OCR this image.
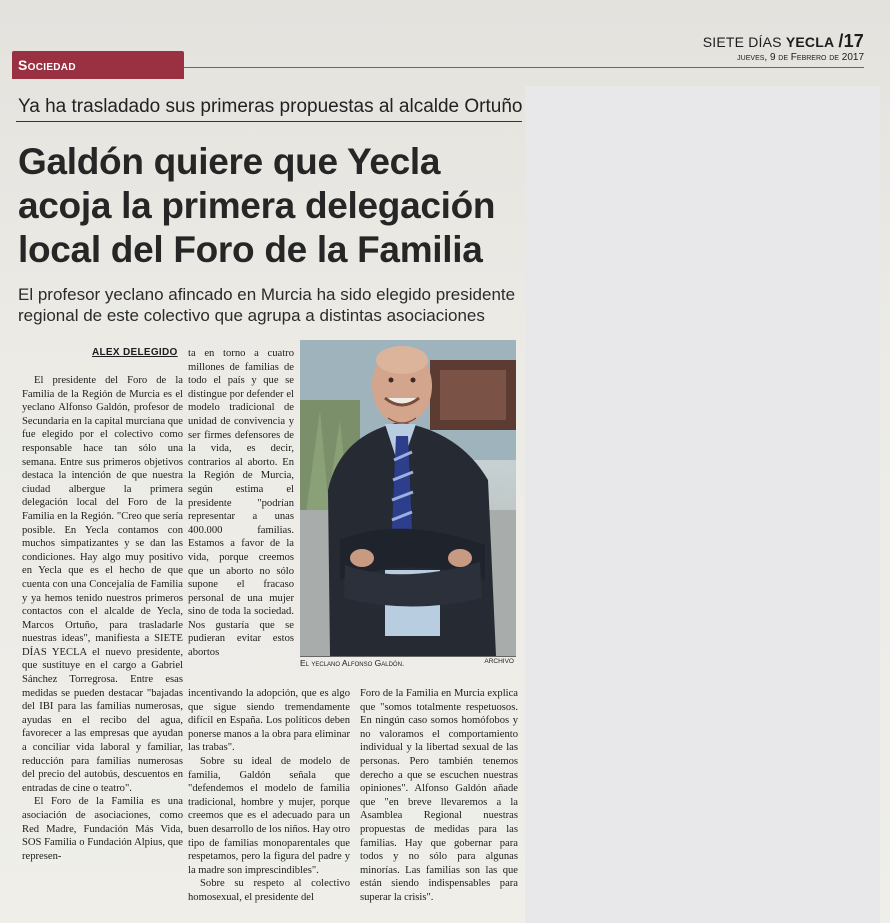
Sociedad
SIETE DÍAS YECLA /17
jueves, 9 de Febrero de 2017
Ya ha trasladado sus primeras propuestas al alcalde Ortuño
Galdón quiere que Yecla acoja la primera delegación local del Foro de la Familia

El profesor yeclano afincado en Murcia ha sido elegido presidente regional de este colectivo que agrupa a distintas asociaciones

ALEX DELEGIDO

El presidente del Foro de la Familia de la Región de Murcia es el yeclano Alfonso Galdón, profesor de Secundaria en la capital murciana que fue elegido por el colectivo como responsable hace tan sólo una semana. Entre sus primeros objetivos destaca la intención de que nuestra ciudad albergue la primera delegación local del Foro de la Familia en la Región. "Creo que sería posible. En Yecla contamos con muchos simpatizantes y se dan las condiciones. Hay algo muy positivo en Yecla que es el hecho de que cuenta con una Concejalía de Familia y ya hemos tenido nuestros primeros contactos con el alcalde de Yecla, Marcos Ortuño, para trasladarle nuestras ideas", manifiesta a SIETE DÍAS YECLA el nuevo presidente, que sustituye en el cargo a Gabriel Sánchez Torregrosa. Entre esas medidas se pueden destacar "bajadas del IBI para las familias numerosas, ayudas en el recibo del agua, favorecer a las empresas que ayudan a conciliar vida laboral y familiar, reducción para familias numerosas del precio del autobús, descuentos en entradas de cine o teatro".

El Foro de la Familia es una asociación de asociaciones, como Red Madre, Fundación Más Vida, SOS Familia o Fundación Alpius, que represen-

ta en torno a cuatro millones de familias de todo el país y que se distingue por defender el modelo tradicional de unidad de convivencia y ser firmes defensores de la vida, es decir, contrarios al aborto. En la Región de Murcia, según estima el presidente "podrían representar a unas 400.000 familias. Estamos a favor de la vida, porque creemos que un aborto no sólo supone el fracaso personal de una mujer sino de toda la sociedad. Nos gustaría que se pudieran evitar estos abortos

incentivando la adopción, que es algo que sigue siendo tremendamente difícil en España. Los políticos deben ponerse manos a la obra para eliminar las trabas".

Sobre su ideal de modelo de familia, Galdón señala que "defendemos el modelo de familia tradicional, hombre y mujer, porque creemos que es el adecuado para un buen desarrollo de los niños. Hay otro tipo de familias monoparentales que respetamos, pero la figura del padre y la madre son imprescindibles".

Sobre su respeto al colectivo homosexual, el presidente del

Foro de la Familia en Murcia explica que "somos totalmente respetuosos. En ningún caso somos homófobos y no valoramos el comportamiento individual y la libertad sexual de las personas. Pero también tenemos derecho a que se escuchen nuestras opiniones". Alfonso Galdón añade que "en breve llevaremos a la Asamblea Regional nuestras propuestas de medidas para las familias. Hay que gobernar para todos y no sólo para algunas minorías. Las familias son las que están siendo indispensables para superar la crisis".

El yeclano Alfonso Galdón.	ARCHIVO
